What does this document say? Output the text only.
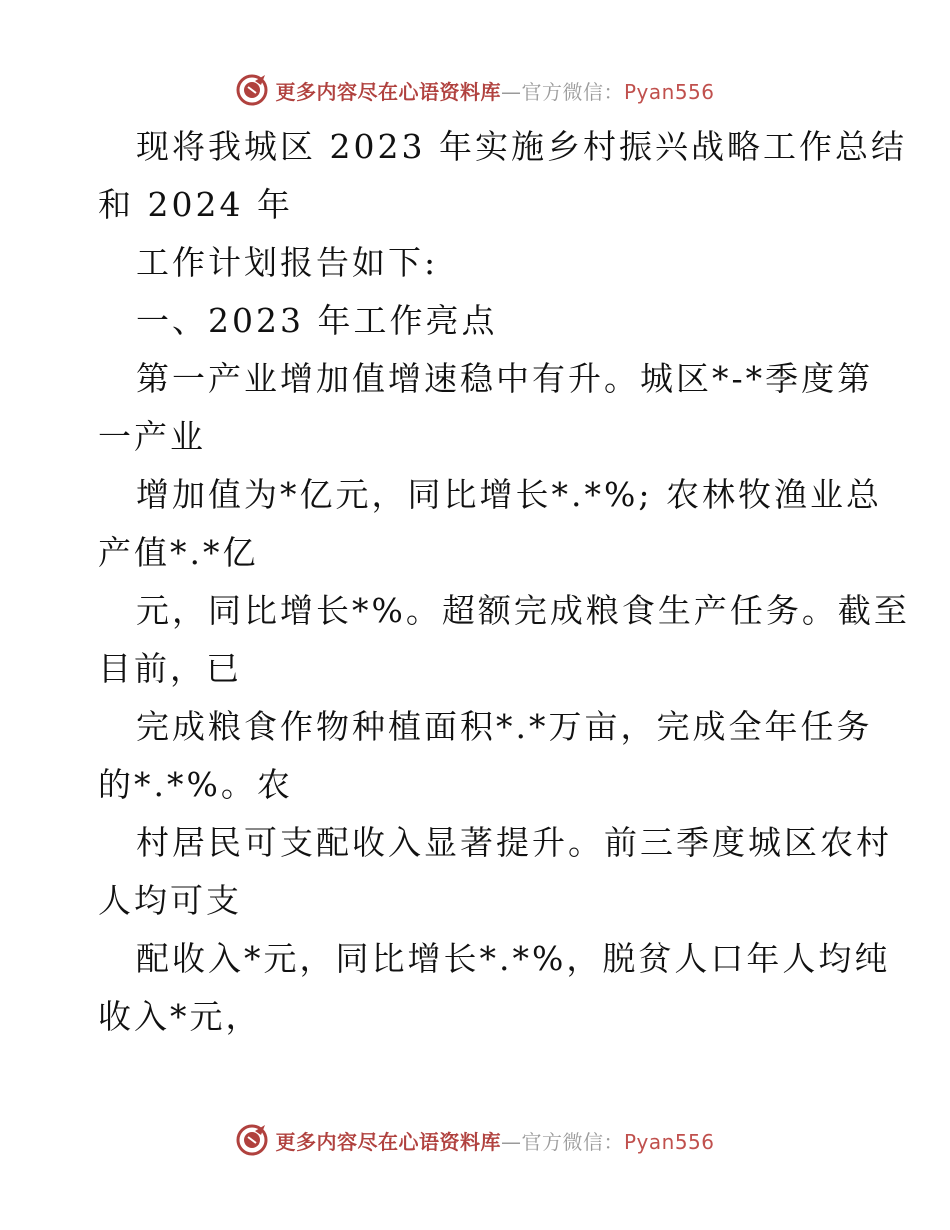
更多内容尽在心语资料库—官方微信：Pyan556
现将我城区 2023 年实施乡村振兴战略工作总结
和 2024 年
工作计划报告如下:
一、2023 年工作亮点
第一产业增加值增速稳中有升。城区*-*季度第
一产业
增加值为*亿元，同比增长*.*%; 农林牧渔业总
产值*.*亿
元，同比增长*%。超额完成粮食生产任务。截至
目前，已
完成粮食作物种植面积*.*万亩，完成全年任务
的*.*%。农
村居民可支配收入显著提升。前三季度城区农村
人均可支
配收入*元，同比增长*.*%，脱贫人口年人均纯
收入*元，
更多内容尽在心语资料库—官方微信：Pyan556
